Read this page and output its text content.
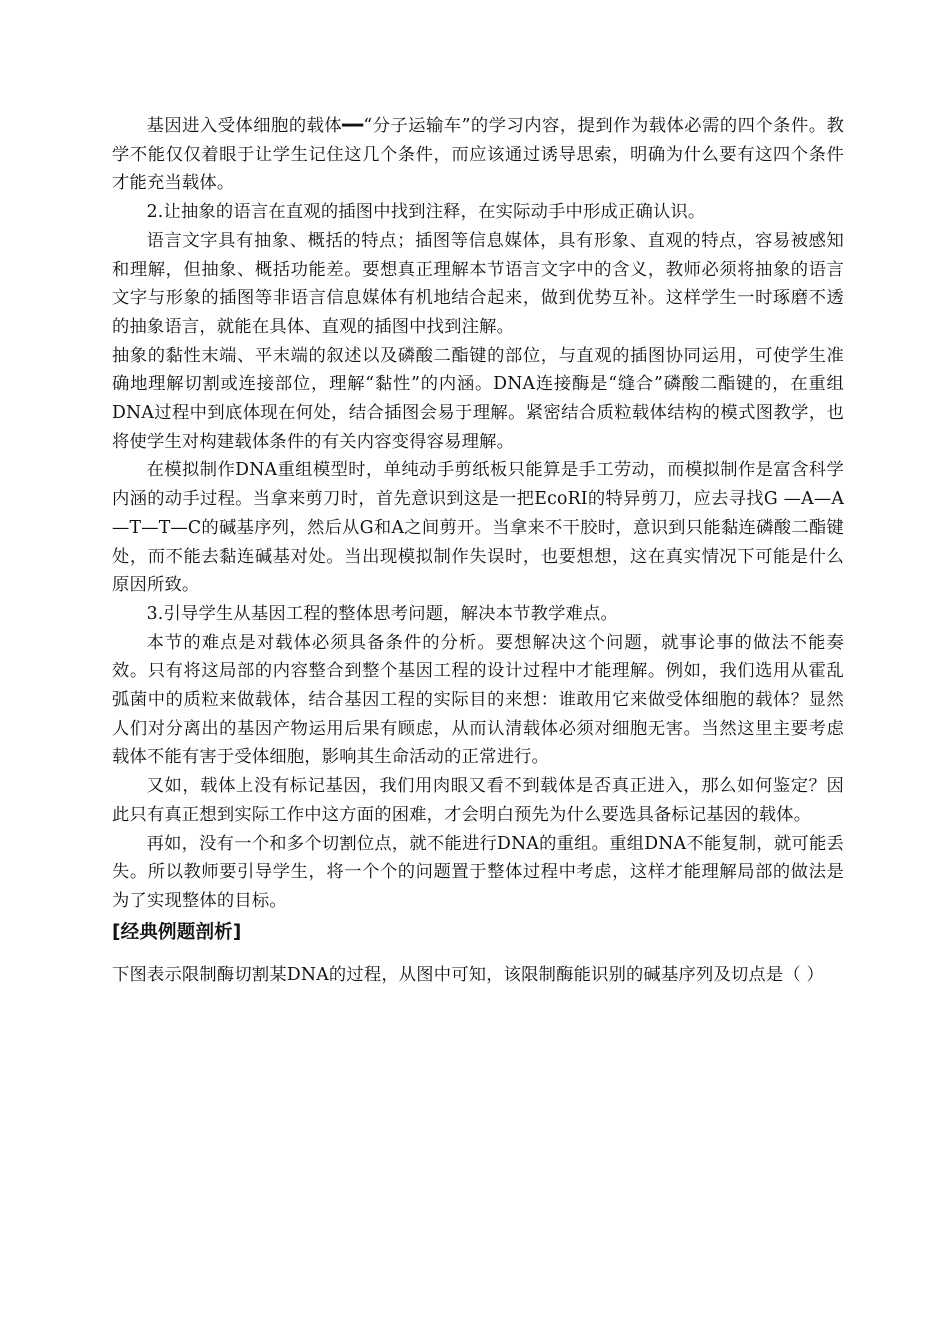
基因进入受体细胞的载体━━“分子运输车”的学习内容，提到作为载体必需的四个条件。教学不能仅仅着眼于让学生记住这几个条件，而应该通过诱导思索，明确为什么要有这四个条件才能充当载体。

2.让抽象的语言在直观的插图中找到注释，在实际动手中形成正确认识。

语言文字具有抽象、概括的特点；插图等信息媒体，具有形象、直观的特点，容易被感知和理解，但抽象、概括功能差。要想真正理解本节语言文字中的含义，教师必须将抽象的语言文字与形象的插图等非语言信息媒体有机地结合起来，做到优势互补。这样学生一时琢磨不透的抽象语言，就能在具体、直观的插图中找到注解。

抽象的黏性末端、平末端的叙述以及磷酸二酯键的部位，与直观的插图协同运用，可使学生准确地理解切割或连接部位，理解“黏性”的内涵。DNA连接酶是“缝合”磷酸二酯键的，在重组DNA过程中到底体现在何处，结合插图会易于理解。紧密结合质粒载体结构的模式图教学，也将使学生对构建载体条件的有关内容变得容易理解。

在模拟制作DNA重组模型时，单纯动手剪纸板只能算是手工劳动，而模拟制作是富含科学内涵的动手过程。当拿来剪刀时，首先意识到这是一把EcoRI的特异剪刀，应去寻找G —A—A—T—T—C的碱基序列，然后从G和A之间剪开。当拿来不干胶时，意识到只能黏连磷酸二酯键处，而不能去黏连碱基对处。当出现模拟制作失误时，也要想想，这在真实情况下可能是什么原因所致。

3.引导学生从基因工程的整体思考问题，解决本节教学难点。

本节的难点是对载体必须具备条件的分析。要想解决这个问题，就事论事的做法不能奏效。只有将这局部的内容整合到整个基因工程的设计过程中才能理解。例如，我们选用从霍乱弧菌中的质粒来做载体，结合基因工程的实际目的来想：谁敢用它来做受体细胞的载体？显然人们对分离出的基因产物运用后果有顾虑，从而认清载体必须对细胞无害。当然这里主要考虑载体不能有害于受体细胞，影响其生命活动的正常进行。

又如，载体上没有标记基因，我们用肉眼又看不到载体是否真正进入，那么如何鉴定？因此只有真正想到实际工作中这方面的困难，才会明白预先为什么要选具备标记基因的载体。

再如，没有一个和多个切割位点，就不能进行DNA的重组。重组DNA不能复制，就可能丢失。所以教师要引导学生，将一个个的问题置于整体过程中考虑，这样才能理解局部的做法是为了实现整体的目标。

[经典例题剖析]

下图表示限制酶切割某DNA的过程，从图中可知，该限制酶能识别的碱基序列及切点是（ ）
